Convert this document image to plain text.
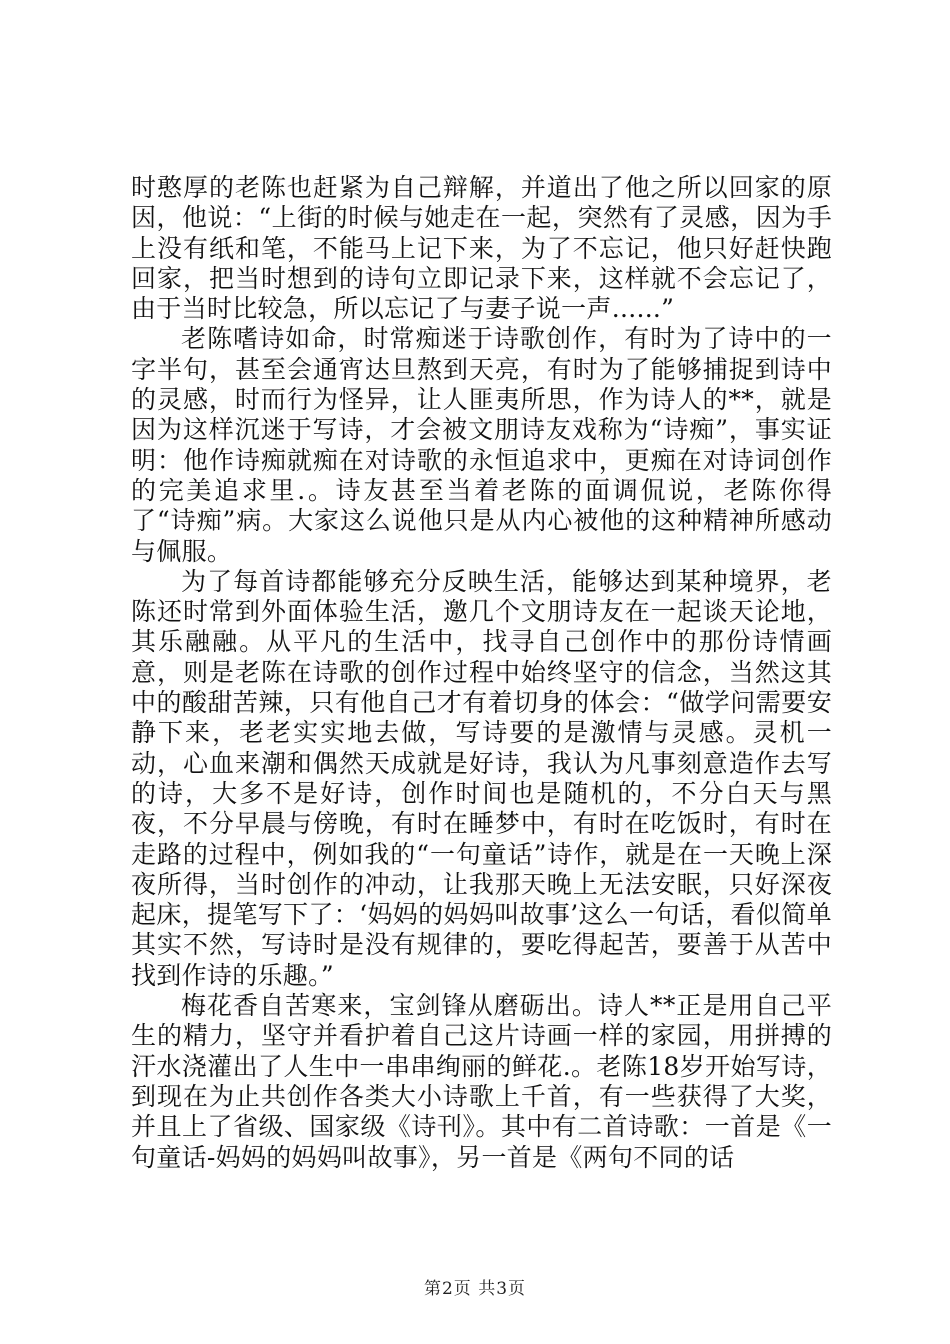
时憨厚的老陈也赶紧为自己辩解，并道出了他之所以回家的原因，他说：“上街的时候与她走在一起，突然有了灵感，因为手上没有纸和笔，不能马上记下来，为了不忘记，他只好赶快跑回家，把当时想到的诗句立即记录下来，这样就不会忘记了，由于当时比较急，所以忘记了与妻子说一声......”

老陈嗜诗如命，时常痴迷于诗歌创作，有时为了诗中的一字半句，甚至会通宵达旦熬到天亮，有时为了能够捕捉到诗中的灵感，时而行为怪异，让人匪夷所思，作为诗人的**，就是因为这样沉迷于写诗，才会被文朋诗友戏称为“诗痴”，事实证明：他作诗痴就痴在对诗歌的永恒追求中，更痴在对诗词创作的完美追求里.。诗友甚至当着老陈的面调侃说，老陈你得了“诗痴”病。大家这么说他只是从内心被他的这种精神所感动与佩服。

为了每首诗都能够充分反映生活，能够达到某种境界，老陈还时常到外面体验生活，邀几个文朋诗友在一起谈天论地，其乐融融。从平凡的生活中，找寻自己创作中的那份诗情画意，则是老陈在诗歌的创作过程中始终坚守的信念，当然这其中的酸甜苦辣，只有他自己才有着切身的体会：“做学问需要安静下来，老老实实地去做，写诗要的是激情与灵感。灵机一动，心血来潮和偶然天成就是好诗，我认为凡事刻意造作去写的诗，大多不是好诗，创作时间也是随机的，不分白天与黑夜，不分早晨与傍晚，有时在睡梦中，有时在吃饭时，有时在走路的过程中，例如我的“一句童话”诗作，就是在一天晚上深夜所得，当时创作的冲动，让我那天晚上无法安眠，只好深夜起床，提笔写下了：‘妈妈的妈妈叫故事’这么一句话，看似简单其实不然，写诗时是没有规律的，要吃得起苦，要善于从苦中找到作诗的乐趣。”

梅花香自苦寒来，宝剑锋从磨砺出。诗人**正是用自己平生的精力，坚守并看护着自己这片诗画一样的家园，用拼搏的汗水浇灌出了人生中一串串绚丽的鲜花.。老陈18岁开始写诗，到现在为止共创作各类大小诗歌上千首，有一些获得了大奖，并且上了省级、国家级《诗刊》。其中有二首诗歌：一首是《一句童话-妈妈的妈妈叫故事》，另一首是《两句不同的话

第2页 共3页
